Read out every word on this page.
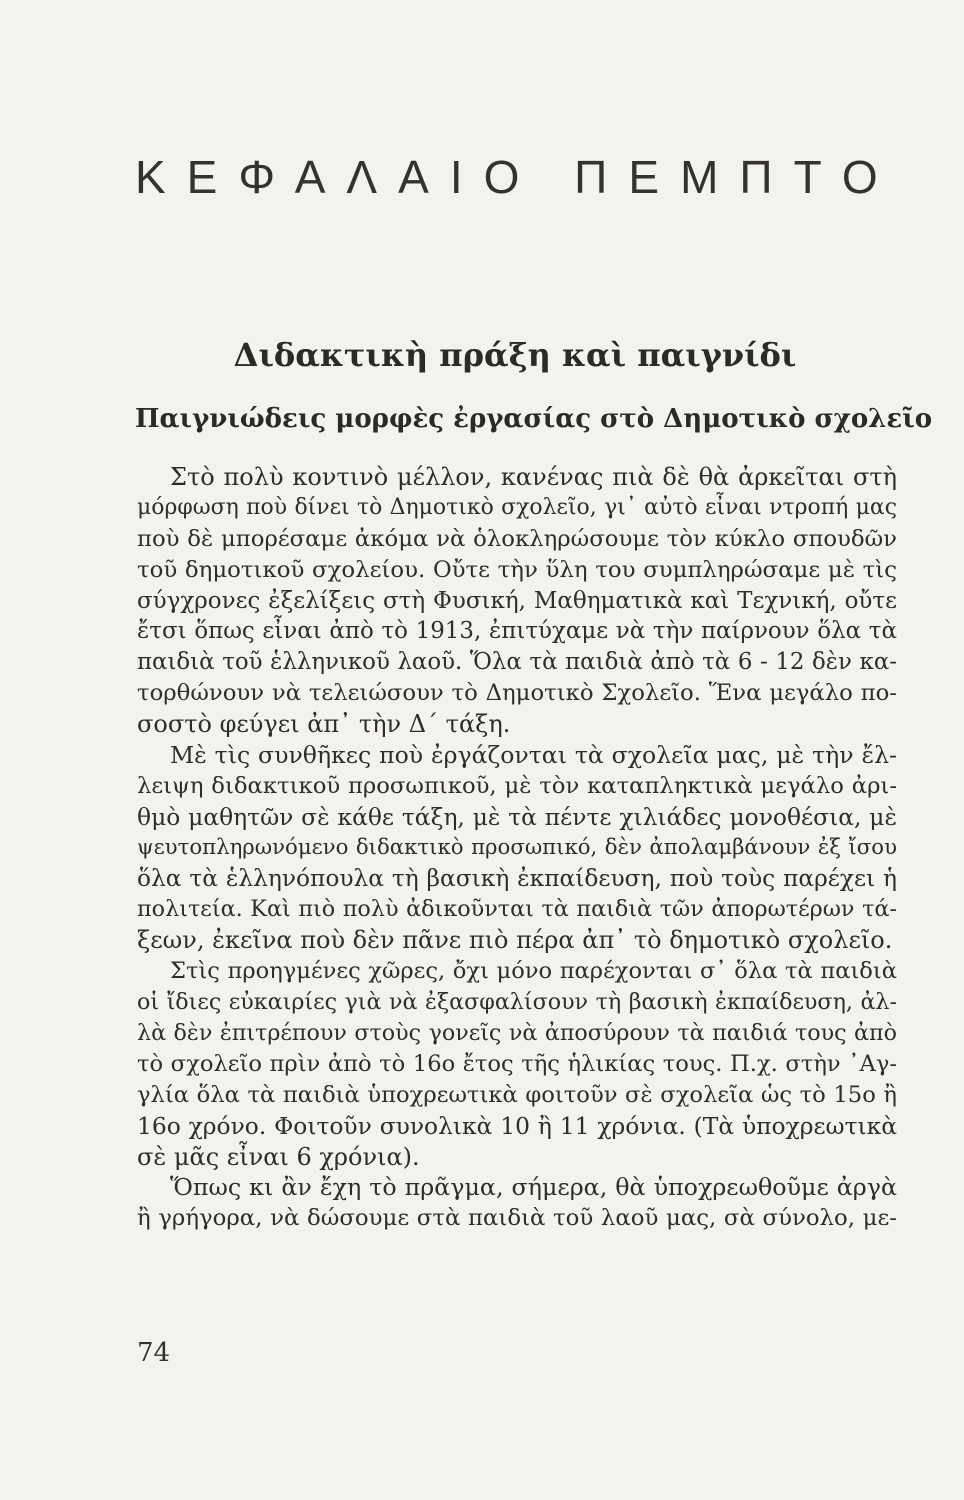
ΚΕΦΑΛΑΙΟ ΠΕΜΠΤΟ
Διδακτικὴ πράξη καὶ παιγνίδι
Παιγνιώδεις μορφὲς ἐργασίας στὸ Δημοτικὸ σχολεῖο
Στὸ πολὺ κοντινὸ μέλλον, κανένας πιὰ δὲ θὰ ἀρκεῖται στὴ
μόρφωση ποὺ δίνει τὸ Δημοτικὸ σχολεῖο, γι᾿ αὐτὸ εἶναι ντροπή μας
ποὺ δὲ μπορέσαμε ἀκόμα νὰ ὁλοκληρώσουμε τὸν κύκλο σπουδῶν
τοῦ δημοτικοῦ σχολείου. Οὔτε τὴν ὕλη του συμπληρώσαμε μὲ τὶς
σύγχρονες ἐξελίξεις στὴ Φυσική, Μαθηματικὰ καὶ Τεχνική, οὔτε
ἔτσι ὅπως εἶναι ἀπὸ τὸ 1913, ἐπιτύχαμε νὰ τὴν παίρνουν ὅλα τὰ
παιδιὰ τοῦ ἑλληνικοῦ λαοῦ. Ὅλα τὰ παιδιὰ ἀπὸ τὰ 6 - 12 δὲν κα-
τορθώνουν νὰ τελειώσουν τὸ Δημοτικὸ Σχολεῖο. Ἕνα μεγάλο πο-
σοστὸ φεύγει ἀπ᾿ τὴν Δ΄ τάξη.
Μὲ τὶς συνθῆκες ποὺ ἐργάζονται τὰ σχολεῖα μας, μὲ τὴν ἔλ-
λειψη διδακτικοῦ προσωπικοῦ, μὲ τὸν καταπληκτικὰ μεγάλο ἀρι-
θμὸ μαθητῶν σὲ κάθε τάξη, μὲ τὰ πέντε χιλιάδες μονοθέσια, μὲ
ψευτοπληρωνόμενο διδακτικὸ προσωπικό, δὲν ἀπολαμβάνουν ἐξ ἴσου
ὅλα τὰ ἑλληνόπουλα τὴ βασικὴ ἐκπαίδευση, ποὺ τοὺς παρέχει ἡ
πολιτεία. Καὶ πιὸ πολὺ ἀδικοῦνται τὰ παιδιὰ τῶν ἀπορωτέρων τά-
ξεων, ἐκεῖνα ποὺ δὲν πᾶνε πιὸ πέρα ἀπ᾿ τὸ δημοτικὸ σχολεῖο.
Στὶς προηγμένες χῶρες, ὄχι μόνο παρέχονται σ᾿ ὅλα τὰ παιδιὰ
οἱ ἴδιες εὐκαιρίες γιὰ νὰ ἐξασφαλίσουν τὴ βασικὴ ἐκπαίδευση, ἀλ-
λὰ δὲν ἐπιτρέπουν στοὺς γονεῖς νὰ ἀποσύρουν τὰ παιδιά τους ἀπὸ
τὸ σχολεῖο πρὶν ἀπὸ τὸ 16ο ἔτος τῆς ἡλικίας τους. Π.χ. στὴν ᾿Αγ-
γλία ὅλα τὰ παιδιὰ ὑποχρεωτικὰ φοιτοῦν σὲ σχολεῖα ὡς τὸ 15ο ἢ
16ο χρόνο. Φοιτοῦν συνολικὰ 10 ἢ 11 χρόνια. (Τὰ ὑποχρεωτικὰ
σὲ μᾶς εἶναι 6 χρόνια).
Ὅπως κι ἂν ἔχη τὸ πρᾶγμα, σήμερα, θὰ ὑποχρεωθοῦμε ἀργὰ
ἢ γρήγορα, νὰ δώσουμε στὰ παιδιὰ τοῦ λαοῦ μας, σὰ σύνολο, με-
74
